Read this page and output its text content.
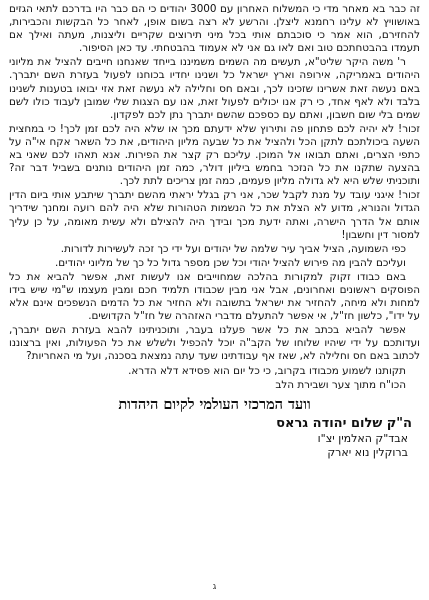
זה כבר בא מאחר מדי כי המשלוח האחרון עם 3000 יהודים כי הם כבר היו בדרכם לתאי הגזים באושוויץ לא עלינו רחמנא ליצלן. והרשע לא רצה בשום אופן, לאחר כל הבקשות והכבירות, להחזירם, הוא אמר כי סוכבתם אותי בכל מיני תירוצים שקריים וליצנות, מעתה ואילך אם תעמדו בהבטחתכם טוב ואם לאו גם אני לא אעמוד בהבטחתי. עד כאן הסיפור.

ר' משה היקר שליט"א, תעשים מה השמים משמיננו בייחד שאנחנו חייבים להציל את מליוני היהודים באמריקה, אירופה וארץ ישראל כל ושנינו יחדיו בכוחנו לפעול בעזרת השם יתברך. באם נעשה זאת אשרינו שזכינו לכך, ובאם חס וחלילה לא נעשה זאת אזי יבואו בטענות לשנינו בלבד ולא לאף אחד, כי רק אנו יכולים לפעול זאת, אנו עם הצגות שלי שמובן לעבוד כולו לשם שמים בלי שום חשבון, ואתם עם כספכם שהשם יתברך נתן לכם לפקדון.

זכור! לא יהיה לכם פתחון פה ותירוץ שלא ידעתם מכך או שלא היה לכם זמן לכך! כי במחצית השעה ביכולתכם לתקן הכל ולהציל את כל שבעה מליון היהודים, את כל השאר אקח אי"ה על כתפי הצרים, ואתם תבואו אל המוכן. עליכם רק קצר את הפירות. אנא תאהו לכם שאני בא בהצעה שתקנו את כל הנזכר בחמש ביליון דולר, כמה זמן היהודים נותנים בשביל דבר זה? ותוכניתי שלש היא לא גדולה מליון פעמים, כמה זמן צריכים לתת לכך.

זכור! איגני עובד על מנת לקבל שכר, אני רק בגלל יראתי מהשם יתברך שיתבע אותי ביום הדין הגדול והנורא, מדוע לא הצלת את כל הנשמות הטהורות שלא היה להם רועה ומחנך שידריך אותם אל הדרך הישרה, ואתה ידעת מכך ובידך היה להצילם ולא עשית מאומה, על כן עליך למסור דין וחשבון!

כפי השמועה, הציל אביך עיר שלמה של יהודים ועל ידי כך זכה לעשירות לדורות.

ועליכם להבין מה פירוש להציל יהודי וכל שכן מספר גדול כל כך של מליוני יהודים.

באם כבודו זקוק למקורות בהלכה שמחוייבים אנו לעשות זאת, אפשר להביא את כל הפוסקים ראשונים ואחרונים, אבל אני מבין שכבודו תלמיד חכם ומבין מעצמו ש"מי שיש בידו למחות ולא מיחה, להחזיר את ישראל בתשובה ולא החזיר את כל הדמים הנשפכים אינם אלא על ידו", כלשון חז"ל, אי אפשר להתעלם מדברי האזהרה של חז"ל הקדושים.

אפשר להביא בכתב את כל אשר פעלנו בעבר, ותוכניתינו להבא בעזרת השם יתברך, ועדותכם על ידי שיהיו שלוחו של הקב"ה יוכל להכפיל ולשלש את כל הפעולות, ואין ברצוננו לכתוב באם חס וחלילה לא, שאז אף עבודתינו שעד עתה נמצאת בסכנה, ועל מי האחריות?

תקותנו לשמוע מכבודו בקרוב, כי כל יום הוא פסידא דלא הדרא.

הכו"ח מתוך צער ושבירת הלב
וועד המרכזי העולמי לקיום היהדות
ה"ק שלום יהודה גראס
אבד"ק האלמין יצ"ו
ברוקלין נוא יארק
ג
